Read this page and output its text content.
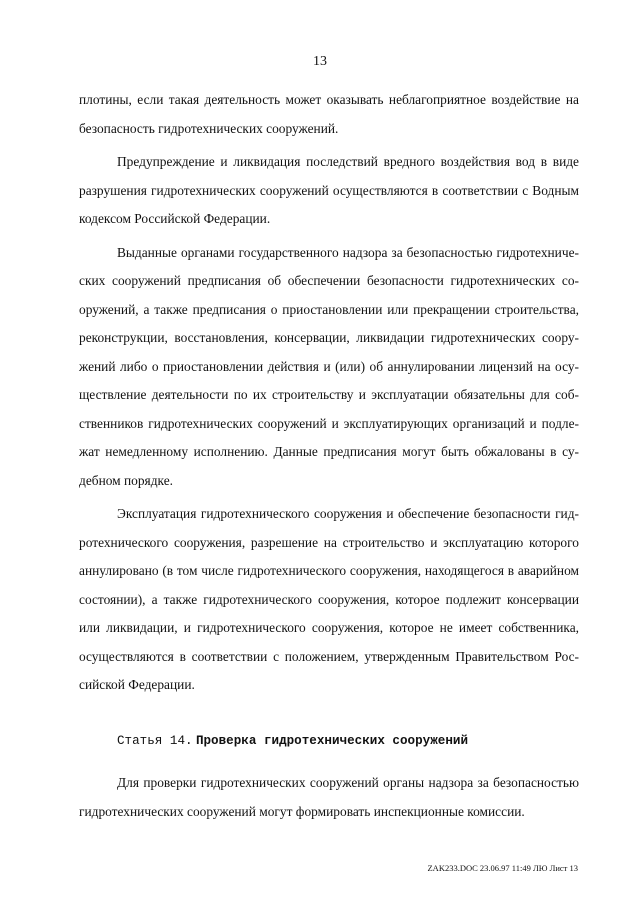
13
плотины, если такая деятельность может оказывать неблагоприятное воздействие на
безопасность гидротехнических сооружений.
Предупреждение и ликвидация последствий вредного воздействия вод в виде
разрушения гидротехнических сооружений осуществляются в соответствии с Водным
кодексом Российской Федерации.
Выданные органами государственного надзора за безопасностью гидротехниче-
ских сооружений предписания об обеспечении безопасности гидротехнических со-
оружений, а также предписания о приостановлении или прекращении строительства,
реконструкции, восстановления, консервации, ликвидации гидротехнических соору-
жений либо о приостановлении действия и (или) об аннулировании лицензий на осу-
ществление деятельности по их строительству и эксплуатации обязательны для соб-
ственников гидротехнических сооружений и эксплуатирующих организаций и подле-
жат немедленному исполнению. Данные предписания могут быть обжалованы в су-
дебном порядке.
Эксплуатация гидротехнического сооружения и обеспечение безопасности гид-
ротехнического сооружения, разрешение на строительство и эксплуатацию которого
аннулировано (в том числе гидротехнического сооружения, находящегося в аварийном
состоянии), а также гидротехнического сооружения, которое подлежит консервации
или ликвидации, и гидротехнического сооружения, которое не имеет собственника,
осуществляются в соответствии с положением, утвержденным Правительством Рос-
сийской Федерации.
Статья 14. Проверка гидротехнических сооружений
Для проверки гидротехнических сооружений органы надзора за безопасностью
гидротехнических сооружений могут формировать инспекционные комиссии.
ZAK233.DOC 23.06.97 11:49 ЛЮ Лист 13
